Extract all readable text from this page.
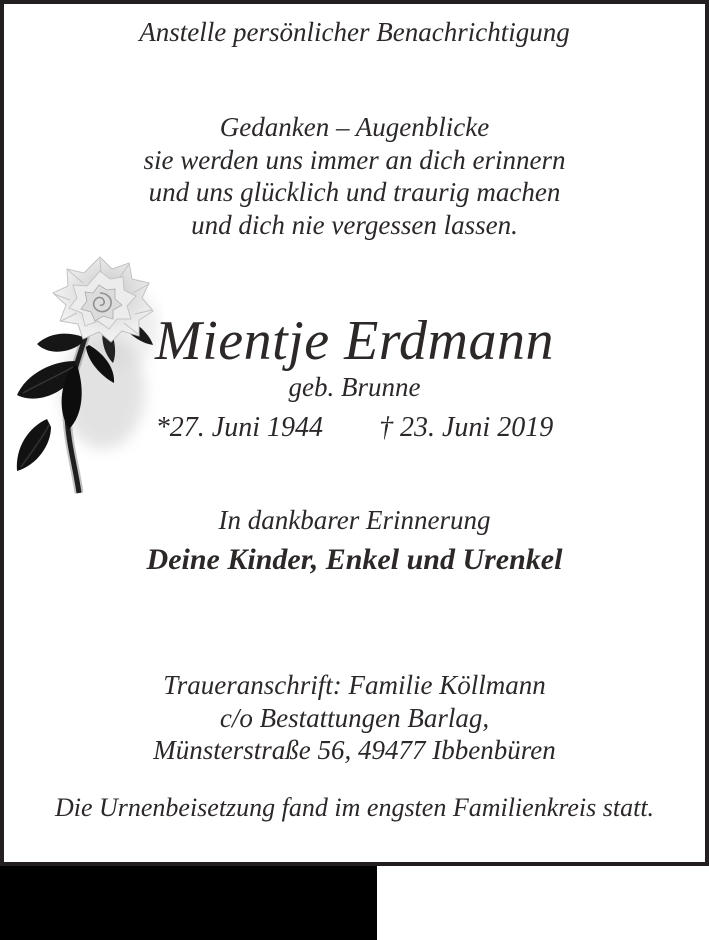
Anstelle persönlicher Benachrichtigung
Gedanken – Augenblicke
sie werden uns immer an dich erinnern
und uns glücklich und traurig machen
und dich nie vergessen lassen.
Mientje Erdmann
geb. Brunne
*27. Juni 1944 † 23. Juni 2019
In dankbarer Erinnerung
Deine Kinder, Enkel und Urenkel
Traueranschrift: Familie Köllmann
c/o Bestattungen Barlag,
Münsterstraße 56, 49477 Ibbenbüren
Die Urnenbeisetzung fand im engsten Familienkreis statt.
